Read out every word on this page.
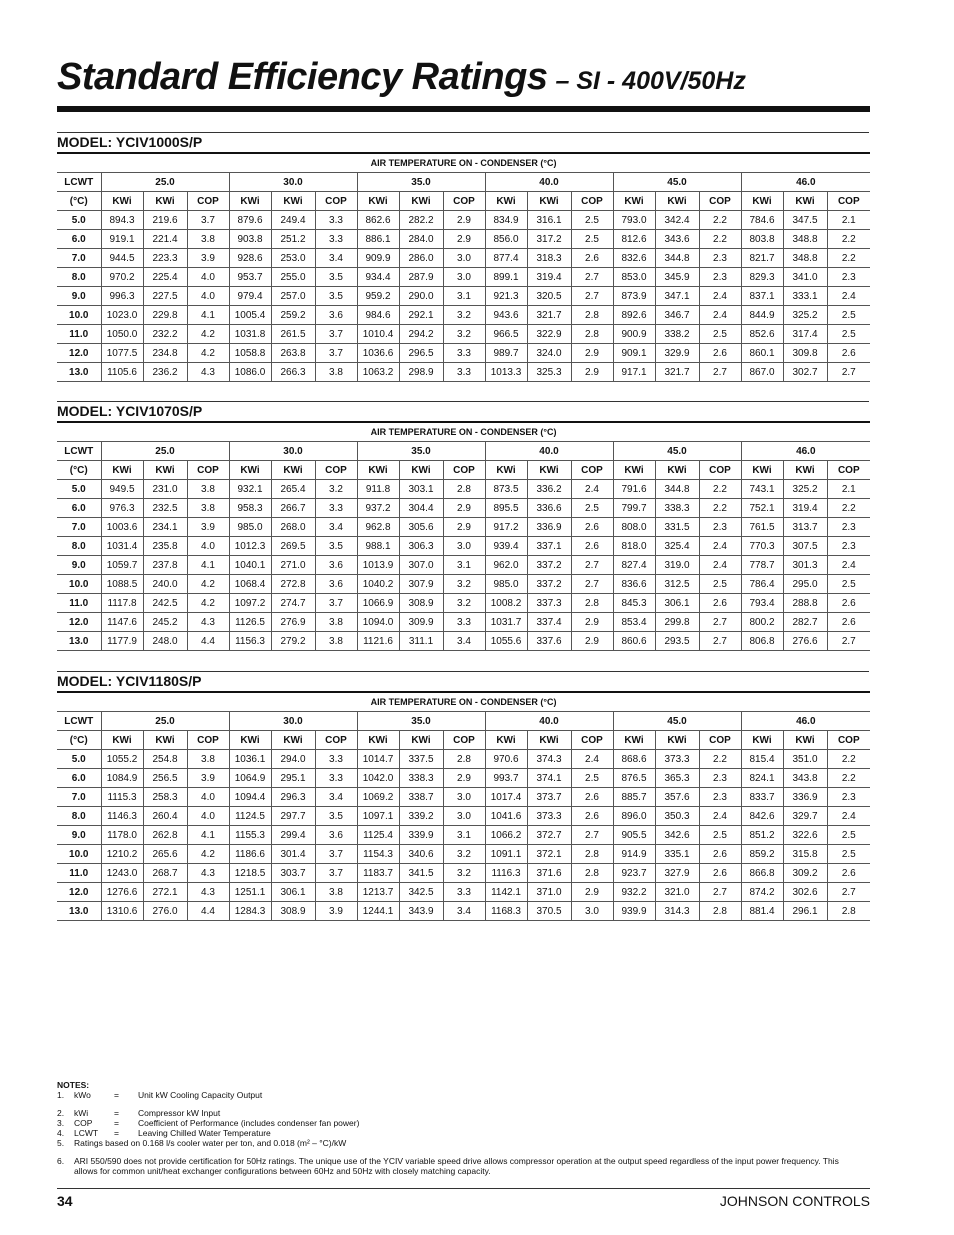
Standard Efficiency Ratings – SI - 400V/50Hz
MODEL: YCIV1000S/P
AIR TEMPERATURE ON - CONDENSER (°C)																		
LCWT	25.0			30.0			35.0			40.0			45.0			46.0		
(°C)	KWi	KWi	COP	KWi	KWi	COP	KWi	KWi	COP	KWi	KWi	COP	KWi	KWi	COP	KWi	KWi	COP
5.0	894.3	219.6	3.7	879.6	249.4	3.3	862.6	282.2	2.9	834.9	316.1	2.5	793.0	342.4	2.2	784.6	347.5	2.1
6.0	919.1	221.4	3.8	903.8	251.2	3.3	886.1	284.0	2.9	856.0	317.2	2.5	812.6	343.6	2.2	803.8	348.8	2.2
7.0	944.5	223.3	3.9	928.6	253.0	3.4	909.9	286.0	3.0	877.4	318.3	2.6	832.6	344.8	2.3	821.7	348.8	2.2
8.0	970.2	225.4	4.0	953.7	255.0	3.5	934.4	287.9	3.0	899.1	319.4	2.7	853.0	345.9	2.3	829.3	341.0	2.3
9.0	996.3	227.5	4.0	979.4	257.0	3.5	959.2	290.0	3.1	921.3	320.5	2.7	873.9	347.1	2.4	837.1	333.1	2.4
10.0	1023.0	229.8	4.1	1005.4	259.2	3.6	984.6	292.1	3.2	943.6	321.7	2.8	892.6	346.7	2.4	844.9	325.2	2.5
11.0	1050.0	232.2	4.2	1031.8	261.5	3.7	1010.4	294.2	3.2	966.5	322.9	2.8	900.9	338.2	2.5	852.6	317.4	2.5
12.0	1077.5	234.8	4.2	1058.8	263.8	3.7	1036.6	296.5	3.3	989.7	324.0	2.9	909.1	329.9	2.6	860.1	309.8	2.6
13.0	1105.6	236.2	4.3	1086.0	266.3	3.8	1063.2	298.9	3.3	1013.3	325.3	2.9	917.1	321.7	2.7	867.0	302.7	2.7
MODEL: YCIV1070S/P
AIR TEMPERATURE ON - CONDENSER (°C)																		
LCWT	25.0			30.0			35.0			40.0			45.0			46.0		
(°C)	KWi	KWi	COP	KWi	KWi	COP	KWi	KWi	COP	KWi	KWi	COP	KWi	KWi	COP	KWi	KWi	COP
5.0	949.5	231.0	3.8	932.1	265.4	3.2	911.8	303.1	2.8	873.5	336.2	2.4	791.6	344.8	2.2	743.1	325.2	2.1
6.0	976.3	232.5	3.8	958.3	266.7	3.3	937.2	304.4	2.9	895.5	336.6	2.5	799.7	338.3	2.2	752.1	319.4	2.2
7.0	1003.6	234.1	3.9	985.0	268.0	3.4	962.8	305.6	2.9	917.2	336.9	2.6	808.0	331.5	2.3	761.5	313.7	2.3
8.0	1031.4	235.8	4.0	1012.3	269.5	3.5	988.1	306.3	3.0	939.4	337.1	2.6	818.0	325.4	2.4	770.3	307.5	2.3
9.0	1059.7	237.8	4.1	1040.1	271.0	3.6	1013.9	307.0	3.1	962.0	337.2	2.7	827.4	319.0	2.4	778.7	301.3	2.4
10.0	1088.5	240.0	4.2	1068.4	272.8	3.6	1040.2	307.9	3.2	985.0	337.2	2.7	836.6	312.5	2.5	786.4	295.0	2.5
11.0	1117.8	242.5	4.2	1097.2	274.7	3.7	1066.9	308.9	3.2	1008.2	337.3	2.8	845.3	306.1	2.6	793.4	288.8	2.6
12.0	1147.6	245.2	4.3	1126.5	276.9	3.8	1094.0	309.9	3.3	1031.7	337.4	2.9	853.4	299.8	2.7	800.2	282.7	2.6
13.0	1177.9	248.0	4.4	1156.3	279.2	3.8	1121.6	311.1	3.4	1055.6	337.6	2.9	860.6	293.5	2.7	806.8	276.6	2.7
MODEL: YCIV1180S/P
AIR TEMPERATURE ON - CONDENSER (°C)																		
LCWT	25.0			30.0			35.0			40.0			45.0			46.0		
(°C)	KWi	KWi	COP	KWi	KWi	COP	KWi	KWi	COP	KWi	KWi	COP	KWi	KWi	COP	KWi	KWi	COP
5.0	1055.2	254.8	3.8	1036.1	294.0	3.3	1014.7	337.5	2.8	970.6	374.3	2.4	868.6	373.3	2.2	815.4	351.0	2.2
6.0	1084.9	256.5	3.9	1064.9	295.1	3.3	1042.0	338.3	2.9	993.7	374.1	2.5	876.5	365.3	2.3	824.1	343.8	2.2
7.0	1115.3	258.3	4.0	1094.4	296.3	3.4	1069.2	338.7	3.0	1017.4	373.7	2.6	885.7	357.6	2.3	833.7	336.9	2.3
8.0	1146.3	260.4	4.0	1124.5	297.7	3.5	1097.1	339.2	3.0	1041.6	373.3	2.6	896.0	350.3	2.4	842.6	329.7	2.4
9.0	1178.0	262.8	4.1	1155.3	299.4	3.6	1125.4	339.9	3.1	1066.2	372.7	2.7	905.5	342.6	2.5	851.2	322.6	2.5
10.0	1210.2	265.6	4.2	1186.6	301.4	3.7	1154.3	340.6	3.2	1091.1	372.1	2.8	914.9	335.1	2.6	859.2	315.8	2.5
11.0	1243.0	268.7	4.3	1218.5	303.7	3.7	1183.7	341.5	3.2	1116.3	371.6	2.8	923.7	327.9	2.6	866.8	309.2	2.6
12.0	1276.6	272.1	4.3	1251.1	306.1	3.8	1213.7	342.5	3.3	1142.1	371.0	2.9	932.2	321.0	2.7	874.2	302.6	2.7
13.0	1310.6	276.0	4.4	1284.3	308.9	3.9	1244.1	343.9	3.4	1168.3	370.5	3.0	939.9	314.3	2.8	881.4	296.1	2.8
NOTES:
1.	kWo	=	Unit kW Cooling Capacity Output
2.	kWi	=	Compressor kW Input
3.	COP	=	Coefficient of Performance (includes condenser fan power)
4.	LCWT	=	Leaving Chilled Water Temperature
5.	Ratings based on 0.168 l/s cooler water per ton, and 0.018 (m² – °C)/kW
6.	ARI 550/590 does not provide certification for 50Hz ratings. The unique use of the YCIV variable speed drive allows compressor operation at the output speed regardless of the input power frequency. This allows for common unit/heat exchanger configurations between 60Hz and 50Hz with closely matching capacity.
34	JOHNSON CONTROLS
